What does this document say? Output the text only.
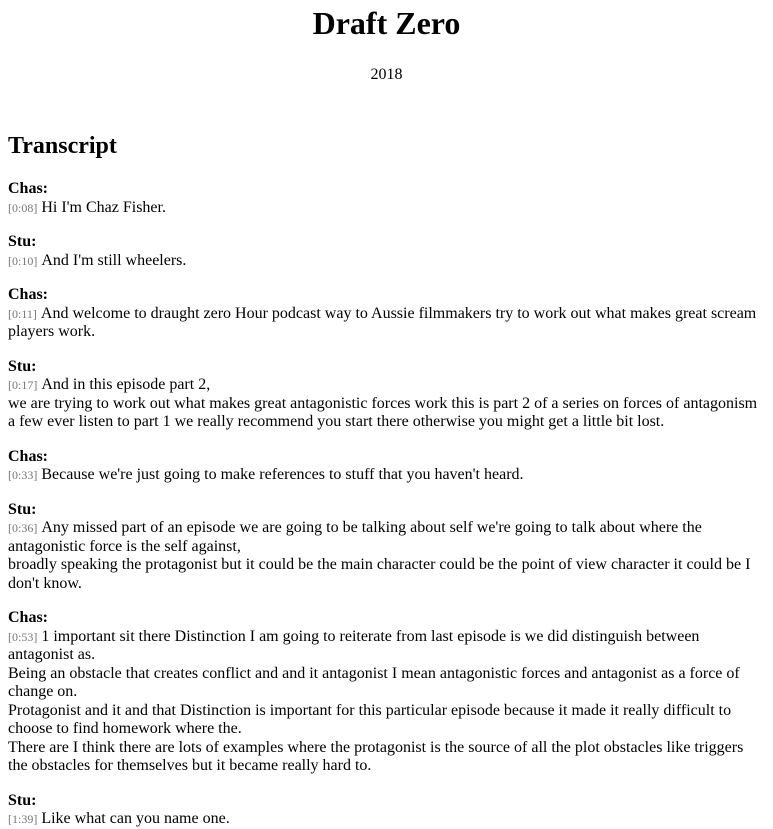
Draft Zero
2018
Transcript
Chas:
[0:08] Hi I'm Chaz Fisher.
Stu:
[0:10] And I'm still wheelers.
Chas:
[0:11] And welcome to draught zero Hour podcast way to Aussie filmmakers try to work out what makes great scream players work.
Stu:
[0:17] And in this episode part 2,
we are trying to work out what makes great antagonistic forces work this is part 2 of a series on forces of antagonism a few ever listen to part 1 we really recommend you start there otherwise you might get a little bit lost.
Chas:
[0:33] Because we're just going to make references to stuff that you haven't heard.
Stu:
[0:36] Any missed part of an episode we are going to be talking about self we're going to talk about where the antagonistic force is the self against,
broadly speaking the protagonist but it could be the main character could be the point of view character it could be I don't know.
Chas:
[0:53] 1 important sit there Distinction I am going to reiterate from last episode is we did distinguish between antagonist as.
Being an obstacle that creates conflict and and it antagonist I mean antagonistic forces and antagonist as a force of change on.
Protagonist and it and that Distinction is important for this particular episode because it made it really difficult to choose to find homework where the.
There are I think there are lots of examples where the protagonist is the source of all the plot obstacles like triggers the obstacles for themselves but it became really hard to.
Stu:
[1:39] Like what can you name one.
